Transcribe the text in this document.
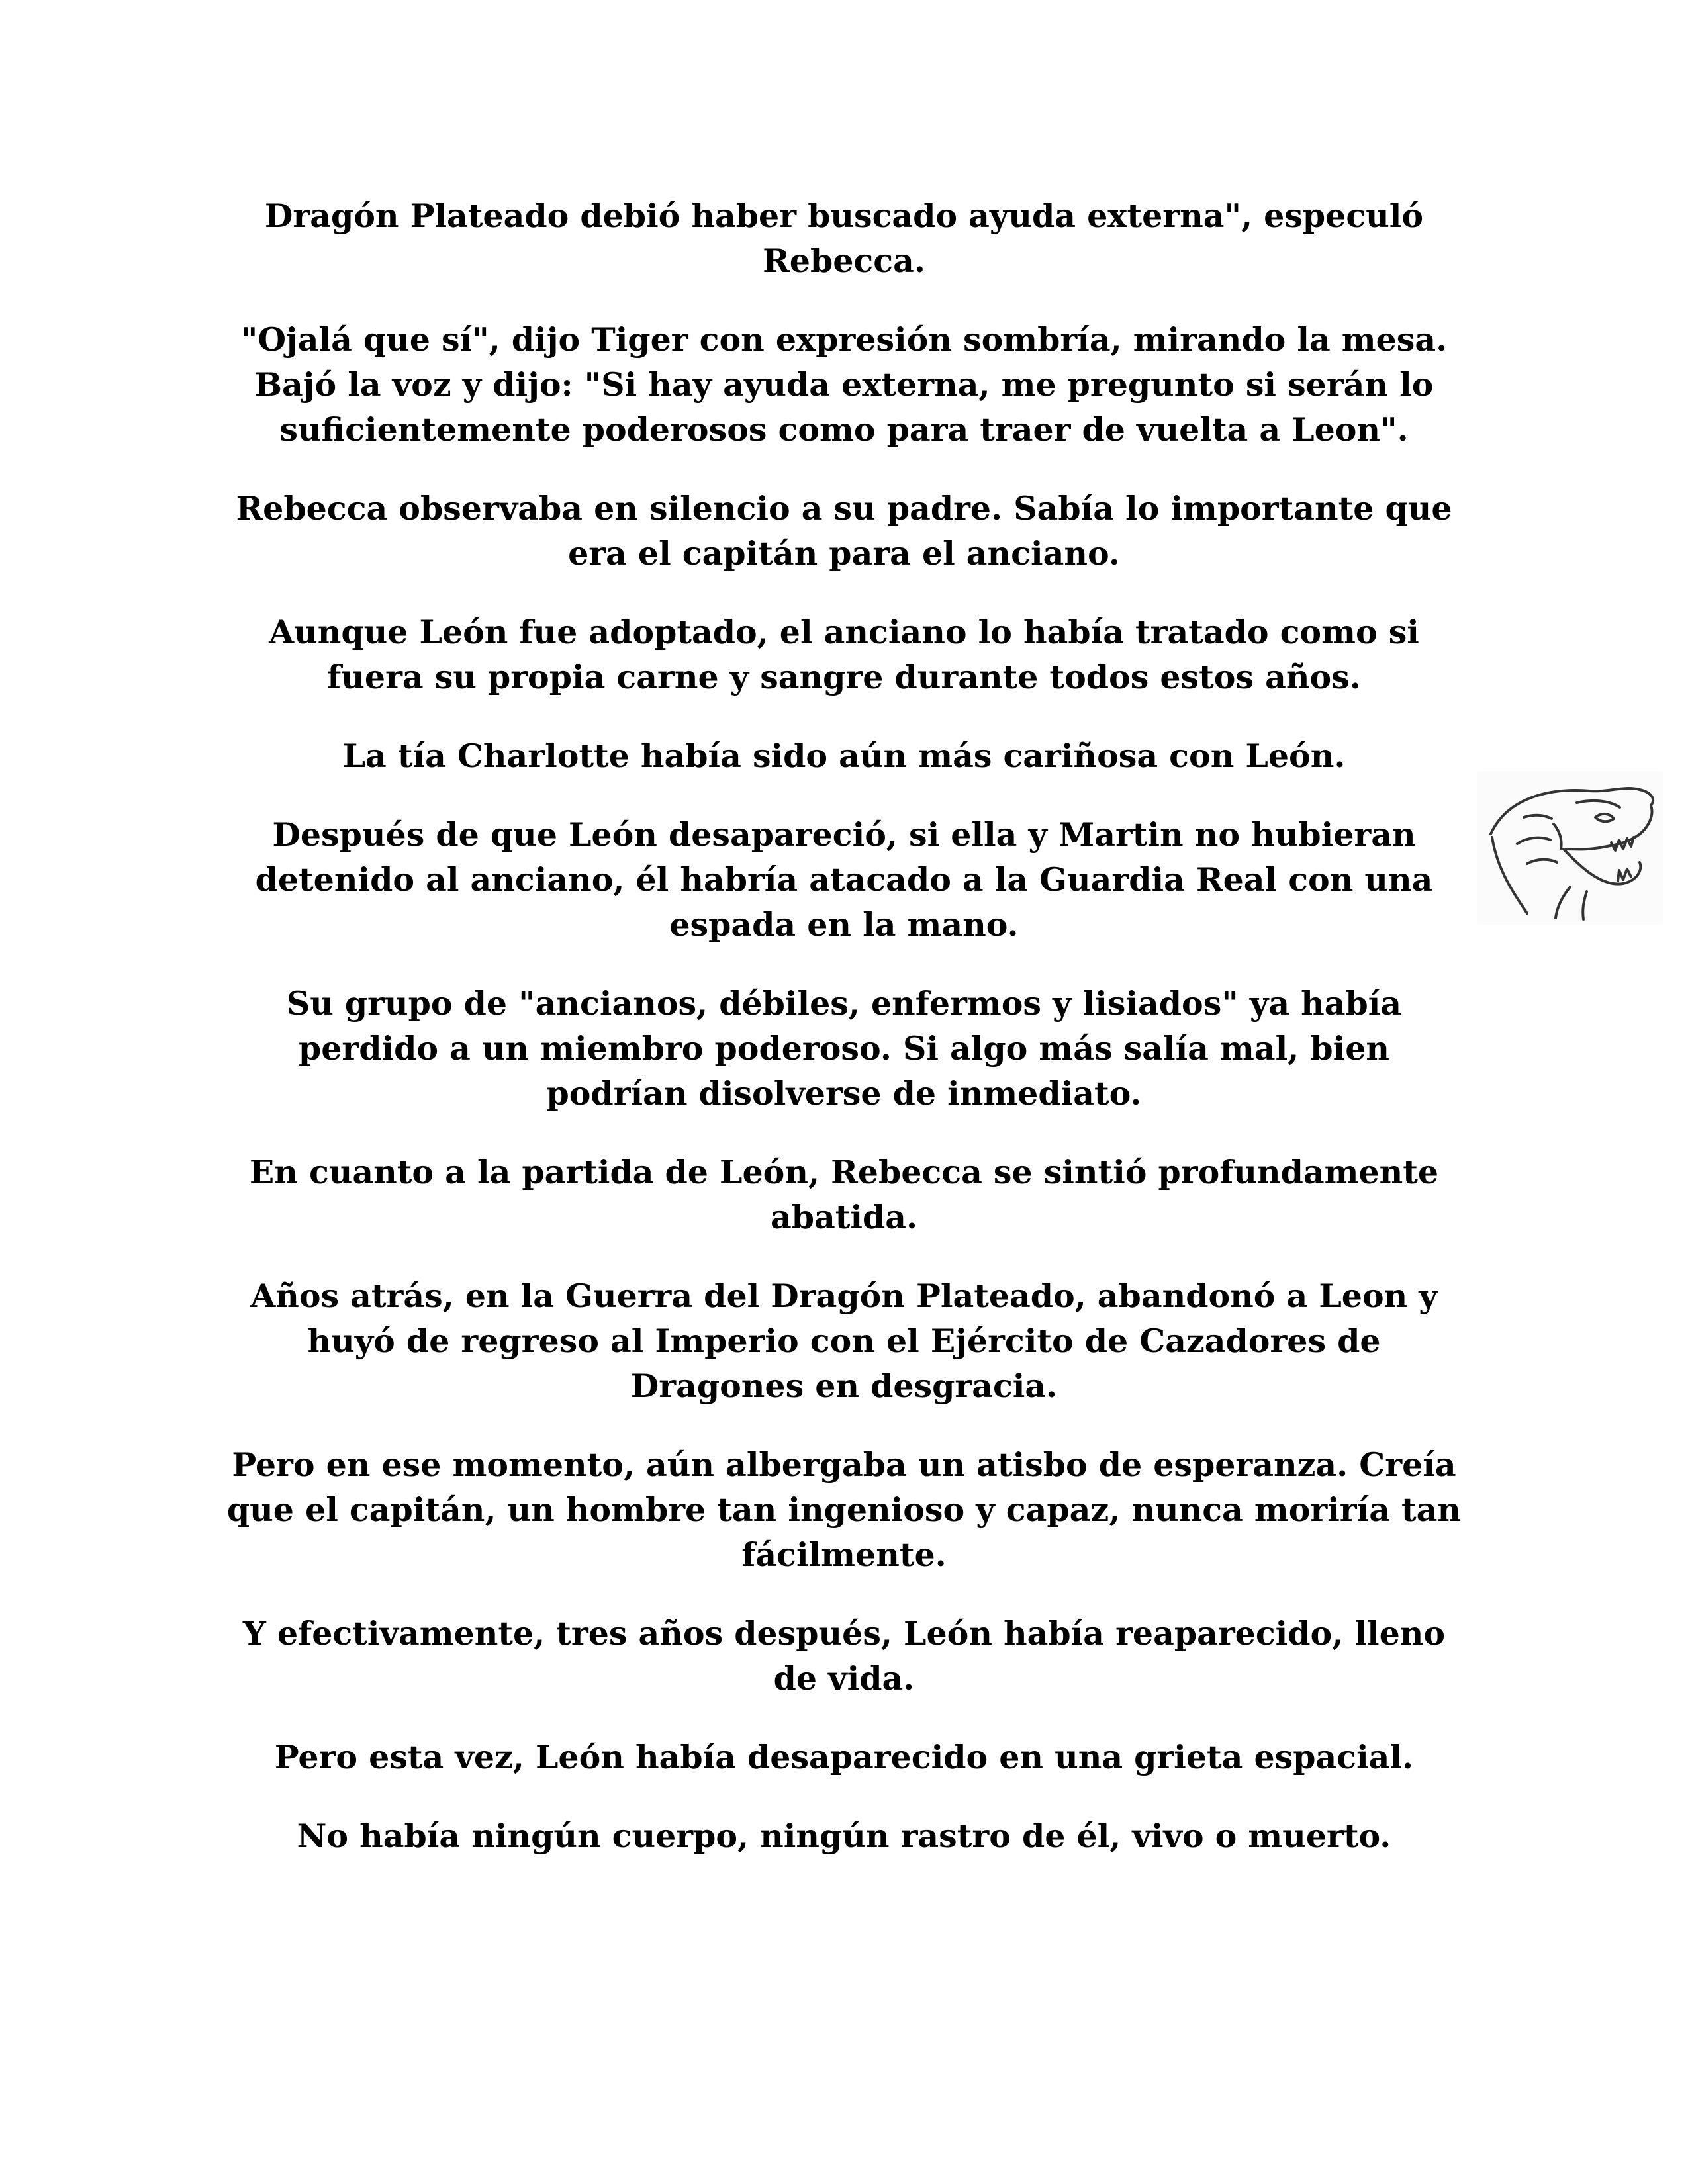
Dragón Plateado debió haber buscado ayuda externa", especuló Rebecca.

"Ojalá que sí", dijo Tiger con expresión sombría, mirando la mesa. Bajó la voz y dijo: "Si hay ayuda externa, me pregunto si serán lo suficientemente poderosos como para traer de vuelta a Leon".

Rebecca observaba en silencio a su padre. Sabía lo importante que era el capitán para el anciano.

Aunque León fue adoptado, el anciano lo había tratado como si fuera su propia carne y sangre durante todos estos años.

La tía Charlotte había sido aún más cariñosa con León.

Después de que León desapareció, si ella y Martin no hubieran detenido al anciano, él habría atacado a la Guardia Real con una espada en la mano.

Su grupo de "ancianos, débiles, enfermos y lisiados" ya había perdido a un miembro poderoso. Si algo más salía mal, bien podrían disolverse de inmediato.

En cuanto a la partida de León, Rebecca se sintió profundamente abatida.

Años atrás, en la Guerra del Dragón Plateado, abandonó a Leon y huyó de regreso al Imperio con el Ejército de Cazadores de Dragones en desgracia.

Pero en ese momento, aún albergaba un atisbo de esperanza. Creía que el capitán, un hombre tan ingenioso y capaz, nunca moriría tan fácilmente.

Y efectivamente, tres años después, León había reaparecido, lleno de vida.

Pero esta vez, León había desaparecido en una grieta espacial.

No había ningún cuerpo, ningún rastro de él, vivo o muerto.
